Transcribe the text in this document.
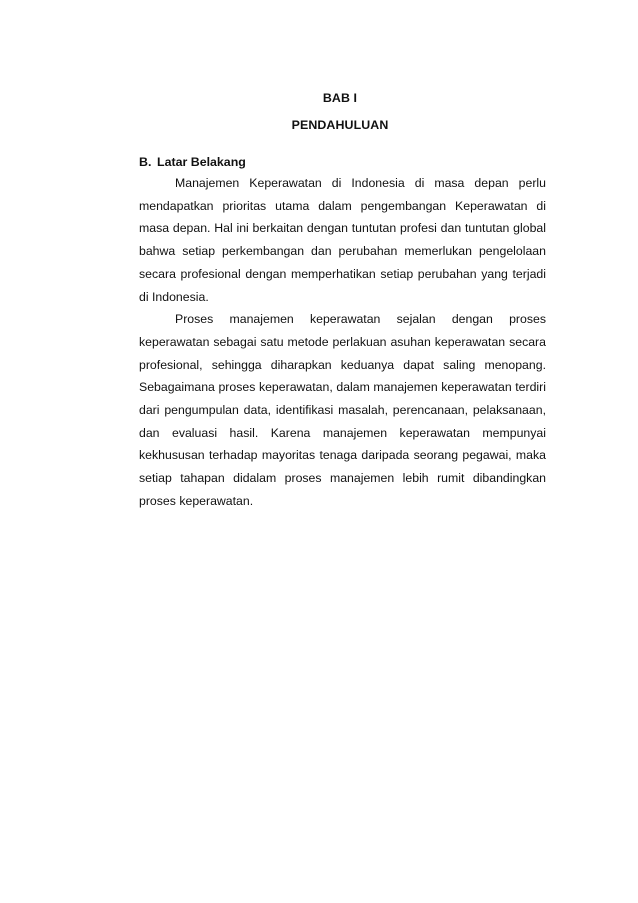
BAB I
PENDAHULUAN
B. Latar Belakang

Manajemen Keperawatan di Indonesia di masa depan perlu mendapatkan prioritas utama dalam pengembangan Keperawatan di masa depan. Hal ini berkaitan dengan tuntutan profesi dan tuntutan global bahwa setiap perkembangan dan perubahan memerlukan pengelolaan secara profesional dengan memperhatikan setiap perubahan yang terjadi di Indonesia.

Proses manajemen keperawatan sejalan dengan proses keperawatan sebagai satu metode perlakuan asuhan keperawatan secara profesional, sehingga diharapkan keduanya dapat saling menopang. Sebagaimana proses keperawatan, dalam manajemen keperawatan terdiri dari pengumpulan data, identifikasi masalah, perencanaan, pelaksanaan, dan evaluasi hasil. Karena manajemen keperawatan mempunyai kekhususan terhadap mayoritas tenaga daripada seorang pegawai, maka setiap tahapan didalam proses manajemen lebih rumit dibandingkan proses keperawatan.
